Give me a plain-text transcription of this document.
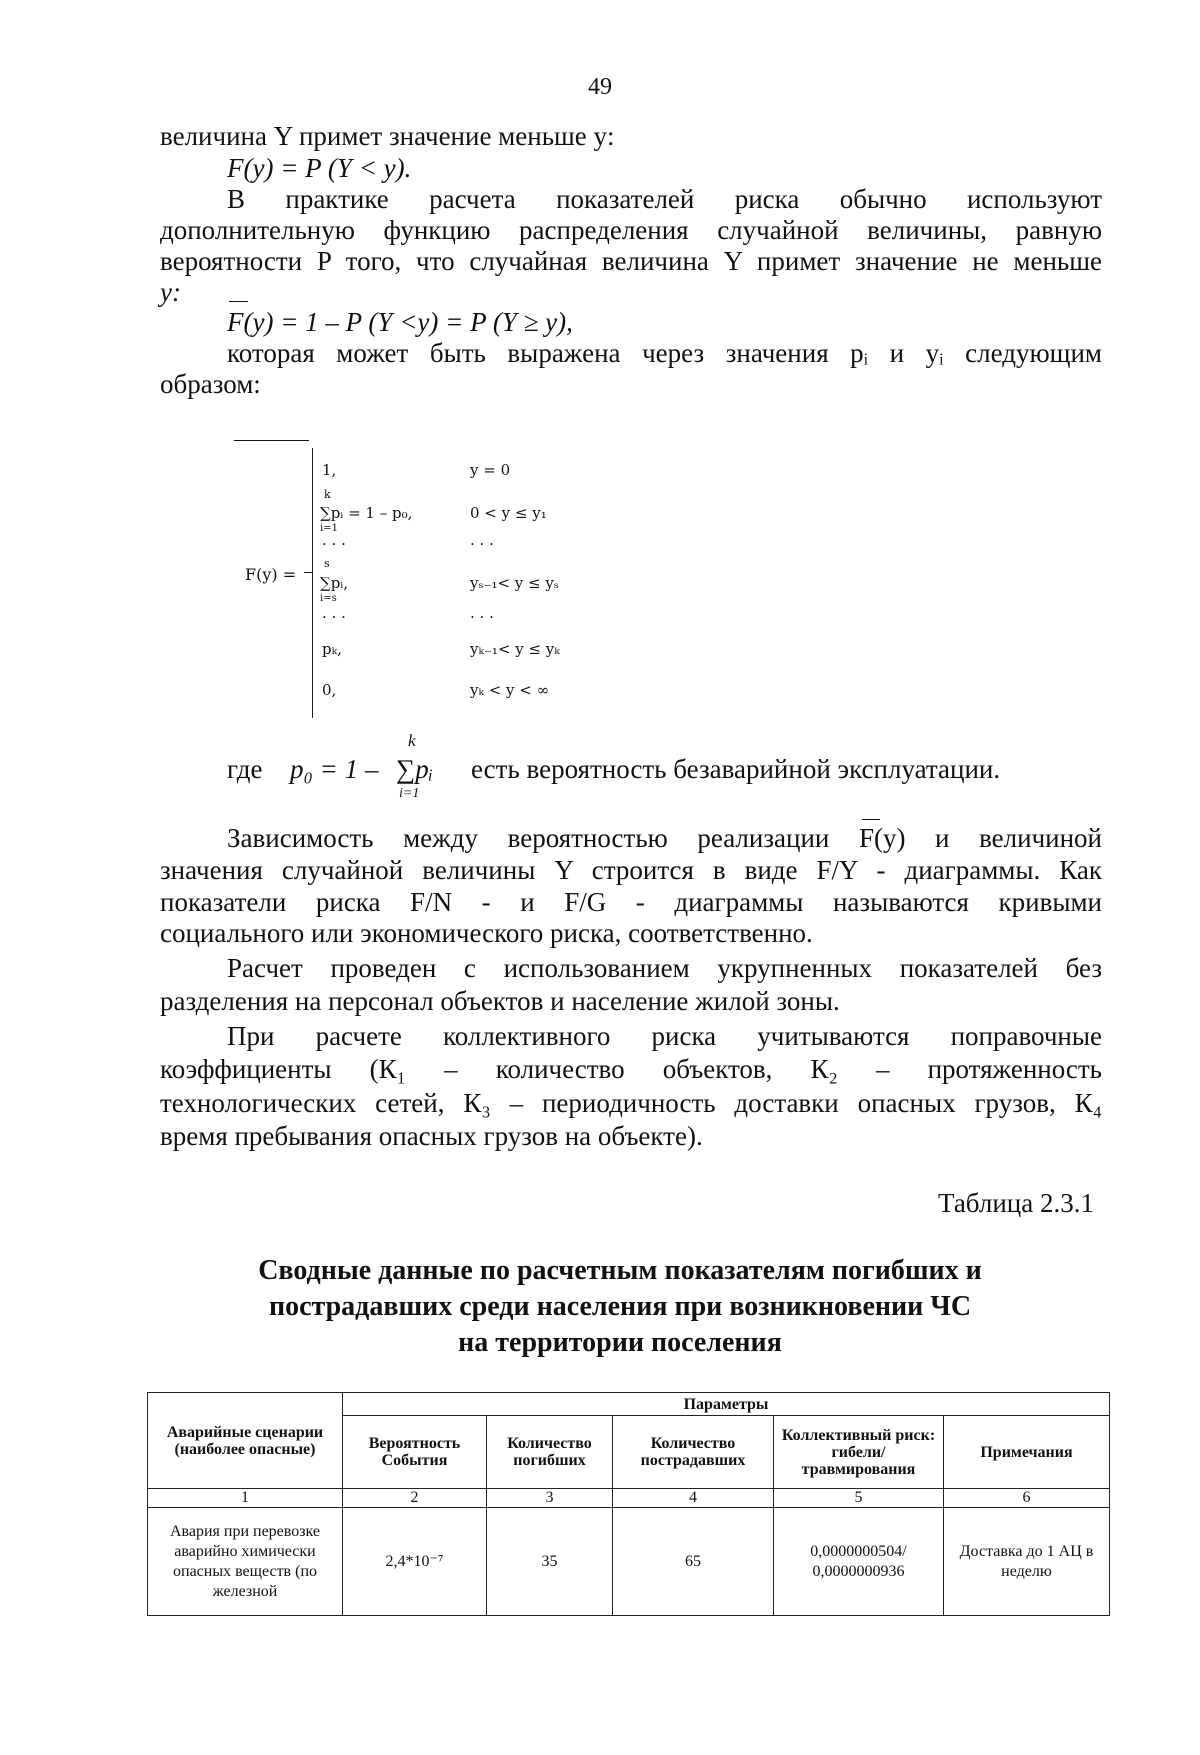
49
величина Y примет значение меньше y:
F(y) = P (Y < y).
В практике расчета показателей риска обычно используют
дополнительную функцию распределения случайной величины, равную
вероятности P того, что случайная величина Y примет значение не меньше
y:
F(y) = 1 – P (Y <y) = P (Y ≥ y),
которая может быть выражена через значения pᵢ и yᵢ следующим
образом:
F(y) =
1,	y = 0
k
∑pᵢ = 1 – p₀,
i=1
0 < y ≤ y₁
· · ·	· · ·
s
∑pᵢ,
i=s
yₛ₋₁< y ≤ yₛ
· · ·	· · ·
pₖ,	yₖ₋₁< y ≤ yₖ
0,	yₖ < y < ∞
где p₀ = 1 –
k
∑pᵢ
i=1
есть вероятность безаварийной эксплуатации.
Зависимость между вероятностью реализации F(y) и величиной
значения случайной величины Y строится в виде F/Y - диаграммы. Как
показатели риска F/N - и F/G - диаграммы называются кривыми
социального или экономического риска, соответственно.
Расчет проведен с использованием укрупненных показателей без
разделения на персонал объектов и население жилой зоны.
При расчете коллективного риска учитываются поправочные
коэффициенты (К₁ – количество объектов, К₂ – протяженность
технологических сетей, К₃ – периодичность доставки опасных грузов, К₄
время пребывания опасных грузов на объекте).
Таблица 2.3.1
Сводные данные по расчетным показателям погибших и
пострадавших среди населения при возникновении ЧС
на территории поселения
Аварийные сценарии (наиболее опасные)	Параметры				
	Вероятность События	Количество погибших	Количество пострадавших	Коллективный риск: гибели/ травмирования	Примечания
1	2	3	4	5	6
Авария при перевозке аварийно химически опасных веществ (по железной	2,4*10⁻⁷	35	65	0,0000000504/ 0,0000000936	Доставка до 1 АЦ в неделю
